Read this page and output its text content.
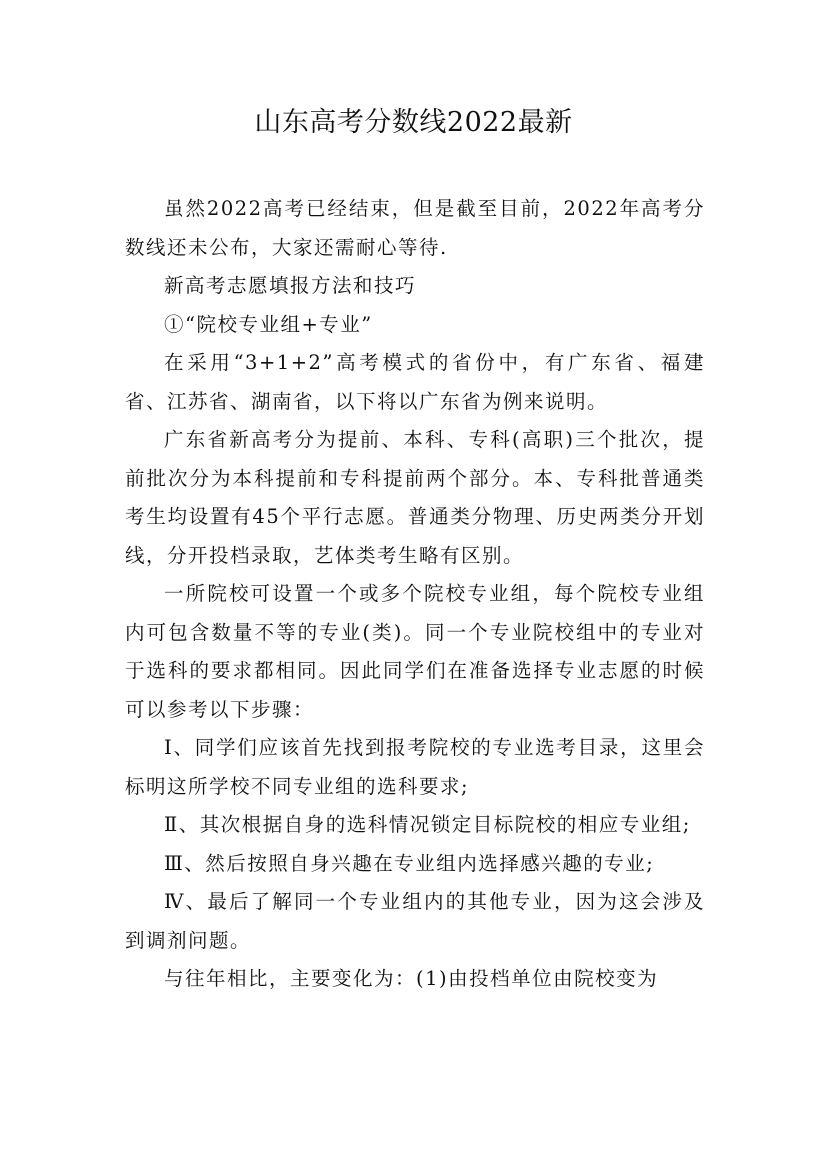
山东高考分数线2022最新

虽然2022高考已经结束，但是截至目前，2022年高考分数线还未公布，大家还需耐心等待.

新高考志愿填报方法和技巧

①“院校专业组+专业”

在采用“3+1+2”高考模式的省份中，有广东省、福建省、江苏省、湖南省，以下将以广东省为例来说明。

广东省新高考分为提前、本科、专科(高职)三个批次，提前批次分为本科提前和专科提前两个部分。本、专科批普通类考生均设置有45个平行志愿。普通类分物理、历史两类分开划线，分开投档录取，艺体类考生略有区别。

一所院校可设置一个或多个院校专业组，每个院校专业组内可包含数量不等的专业(类)。同一个专业院校组中的专业对于选科的要求都相同。因此同学们在准备选择专业志愿的时候可以参考以下步骤：

Ⅰ、同学们应该首先找到报考院校的专业选考目录，这里会标明这所学校不同专业组的选科要求;

Ⅱ、其次根据自身的选科情况锁定目标院校的相应专业组;

Ⅲ、然后按照自身兴趣在专业组内选择感兴趣的专业;

Ⅳ、最后了解同一个专业组内的其他专业，因为这会涉及到调剂问题。

与往年相比，主要变化为：(1)由投档单位由院校变为
